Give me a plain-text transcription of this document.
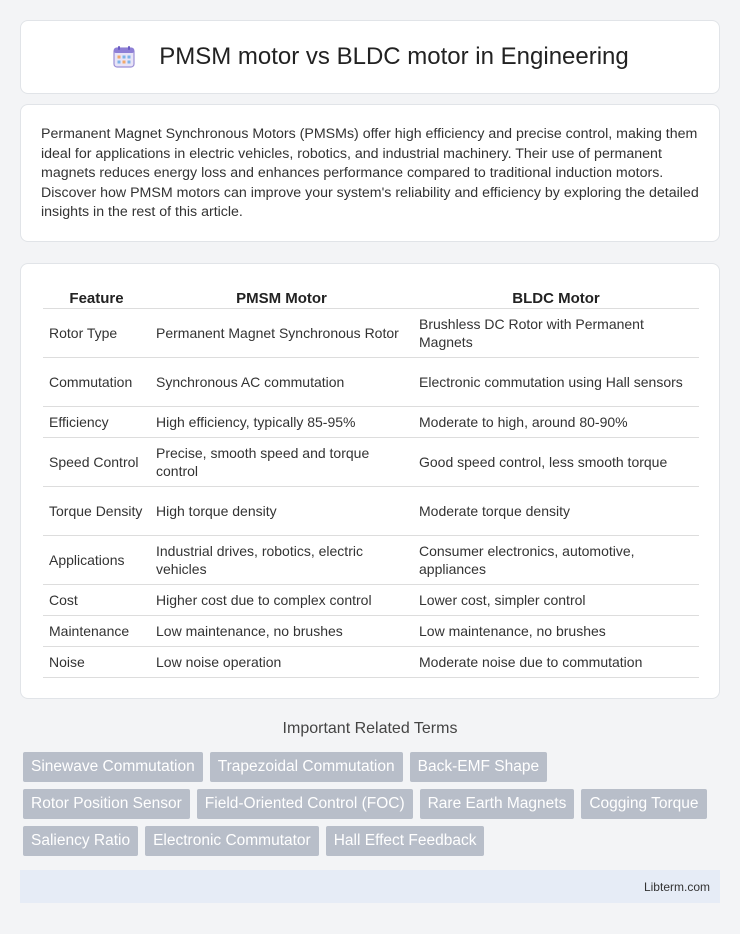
PMSM motor vs BLDC motor in Engineering

Permanent Magnet Synchronous Motors (PMSMs) offer high efficiency and precise control, making them ideal for applications in electric vehicles, robotics, and industrial machinery. Their use of permanent magnets reduces energy loss and enhances performance compared to traditional induction motors. Discover how PMSM motors can improve your system's reliability and efficiency by exploring the detailed insights in the rest of this article.

Feature	PMSM Motor	BLDC Motor
Rotor Type	Permanent Magnet Synchronous Rotor	Brushless DC Rotor with Permanent Magnets
Commutation	Synchronous AC commutation	Electronic commutation using Hall sensors
Efficiency	High efficiency, typically 85-95%	Moderate to high, around 80-90%
Speed Control	Precise, smooth speed and torque control	Good speed control, less smooth torque
Torque Density	High torque density	Moderate torque density
Applications	Industrial drives, robotics, electric vehicles	Consumer electronics, automotive, appliances
Cost	Higher cost due to complex control	Lower cost, simpler control
Maintenance	Low maintenance, no brushes	Low maintenance, no brushes
Noise	Low noise operation	Moderate noise due to commutation
Important Related Terms
Sinewave Commutation	Trapezoidal Commutation	Back-EMF Shape
Rotor Position Sensor	Field-Oriented Control (FOC)	Rare Earth Magnets	Cogging Torque
Saliency Ratio	Electronic Commutator	Hall Effect Feedback
Libterm.com
